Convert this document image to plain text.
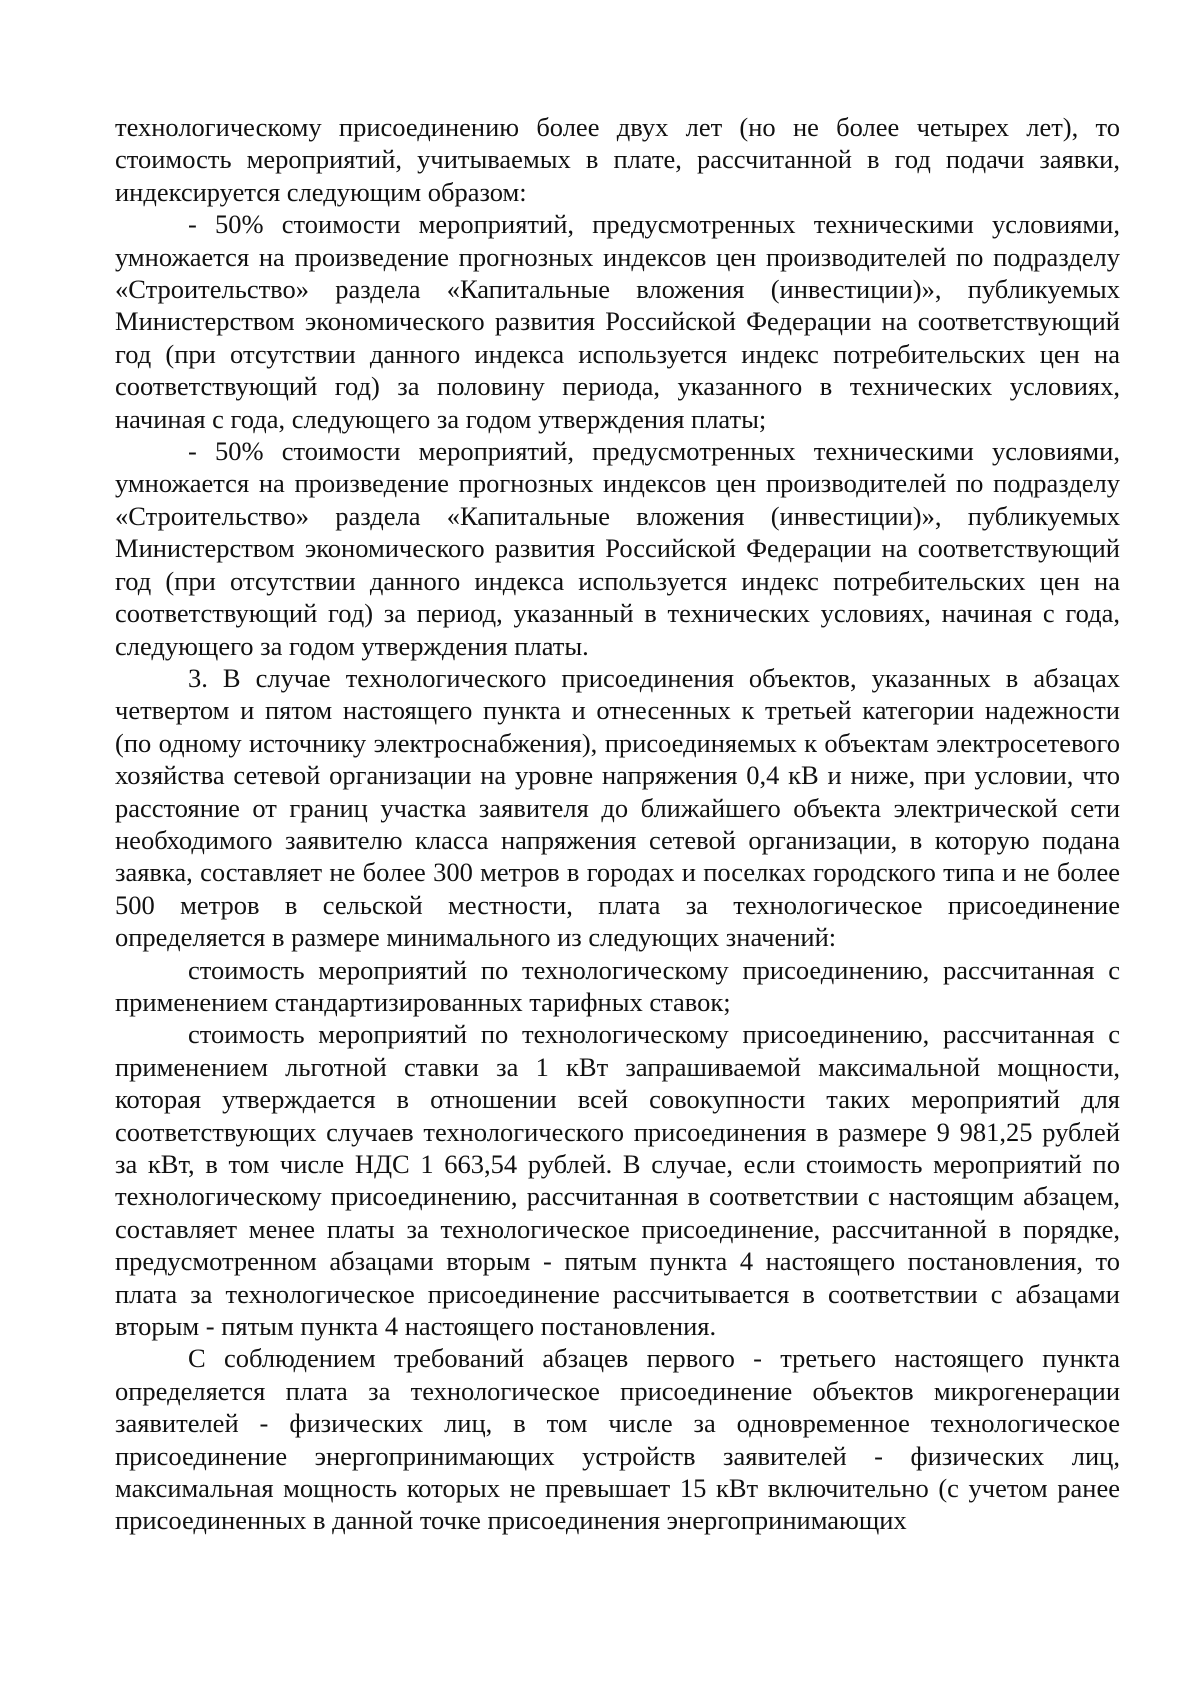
технологическому присоединению более двух лет (но не более четырех лет), то стоимость мероприятий, учитываемых в плате, рассчитанной в год подачи заявки, индексируется следующим образом:

- 50% стоимости мероприятий, предусмотренных техническими условиями, умножается на произведение прогнозных индексов цен производителей по подразделу «Строительство» раздела «Капитальные вложения (инвестиции)», публикуемых Министерством экономического развития Российской Федерации на соответствующий год (при отсутствии данного индекса используется индекс потребительских цен на соответствующий год) за половину периода, указанного в технических условиях, начиная с года, следующего за годом утверждения платы;

- 50% стоимости мероприятий, предусмотренных техническими условиями, умножается на произведение прогнозных индексов цен производителей по подразделу «Строительство» раздела «Капитальные вложения (инвестиции)», публикуемых Министерством экономического развития Российской Федерации на соответствующий год (при отсутствии данного индекса используется индекс потребительских цен на соответствующий год) за период, указанный в технических условиях, начиная с года, следующего за годом утверждения платы.

3. В случае технологического присоединения объектов, указанных в абзацах четвертом и пятом настоящего пункта и отнесенных к третьей категории надежности (по одному источнику электроснабжения), присоединяемых к объектам электросетевого хозяйства сетевой организации на уровне напряжения 0,4 кВ и ниже, при условии, что расстояние от границ участка заявителя до ближайшего объекта электрической сети необходимого заявителю класса напряжения сетевой организации, в которую подана заявка, составляет не более 300 метров в городах и поселках городского типа и не более 500 метров в сельской местности, плата за технологическое присоединение определяется в размере минимального из следующих значений:

стоимость мероприятий по технологическому присоединению, рассчитанная с применением стандартизированных тарифных ставок;

стоимость мероприятий по технологическому присоединению, рассчитанная с применением льготной ставки за 1 кВт запрашиваемой максимальной мощности, которая утверждается в отношении всей совокупности таких мероприятий для соответствующих случаев технологического присоединения в размере 9 981,25 рублей за кВт, в том числе НДС 1 663,54 рублей. В случае, если стоимость мероприятий по технологическому присоединению, рассчитанная в соответствии с настоящим абзацем, составляет менее платы за технологическое присоединение, рассчитанной в порядке, предусмотренном абзацами вторым - пятым пункта 4 настоящего постановления, то плата за технологическое присоединение рассчитывается в соответствии с абзацами вторым - пятым пункта 4 настоящего постановления.

С соблюдением требований абзацев первого - третьего настоящего пункта определяется плата за технологическое присоединение объектов микрогенерации заявителей - физических лиц, в том числе за одновременное технологическое присоединение энергопринимающих устройств заявителей - физических лиц, максимальная мощность которых не превышает 15 кВт включительно (с учетом ранее присоединенных в данной точке присоединения энергопринимающих
